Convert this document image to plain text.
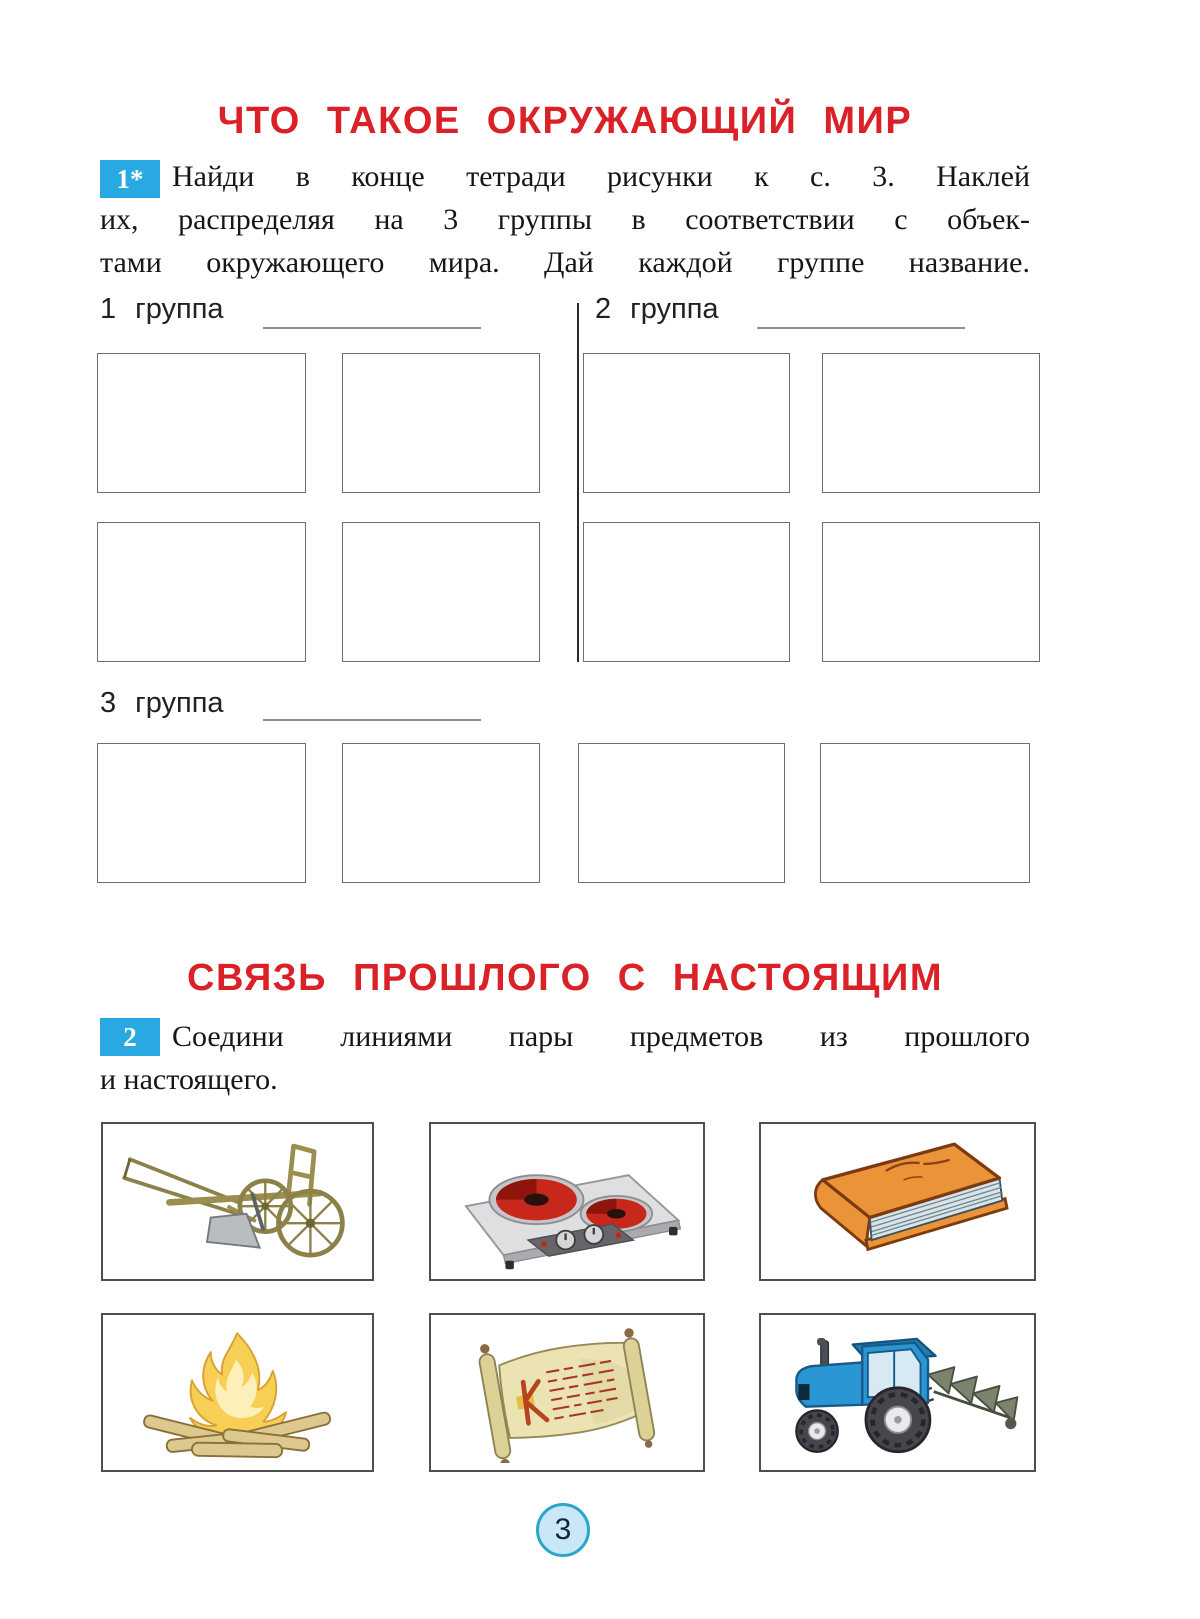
ЧТО ТАКОЕ ОКРУЖАЮЩИЙ МИР
1* Найди в конце тетради рисунки к с. 3. Наклей
их, распределяя на 3 группы в соответствии с объек-
тами окружающего мира. Дай каждой группе название.
1 группа	2 группа
3 группа
СВЯЗЬ ПРОШЛОГО С НАСТОЯЩИМ
2	Соедини линиями пары предметов из прошлого
и настоящего.
3
